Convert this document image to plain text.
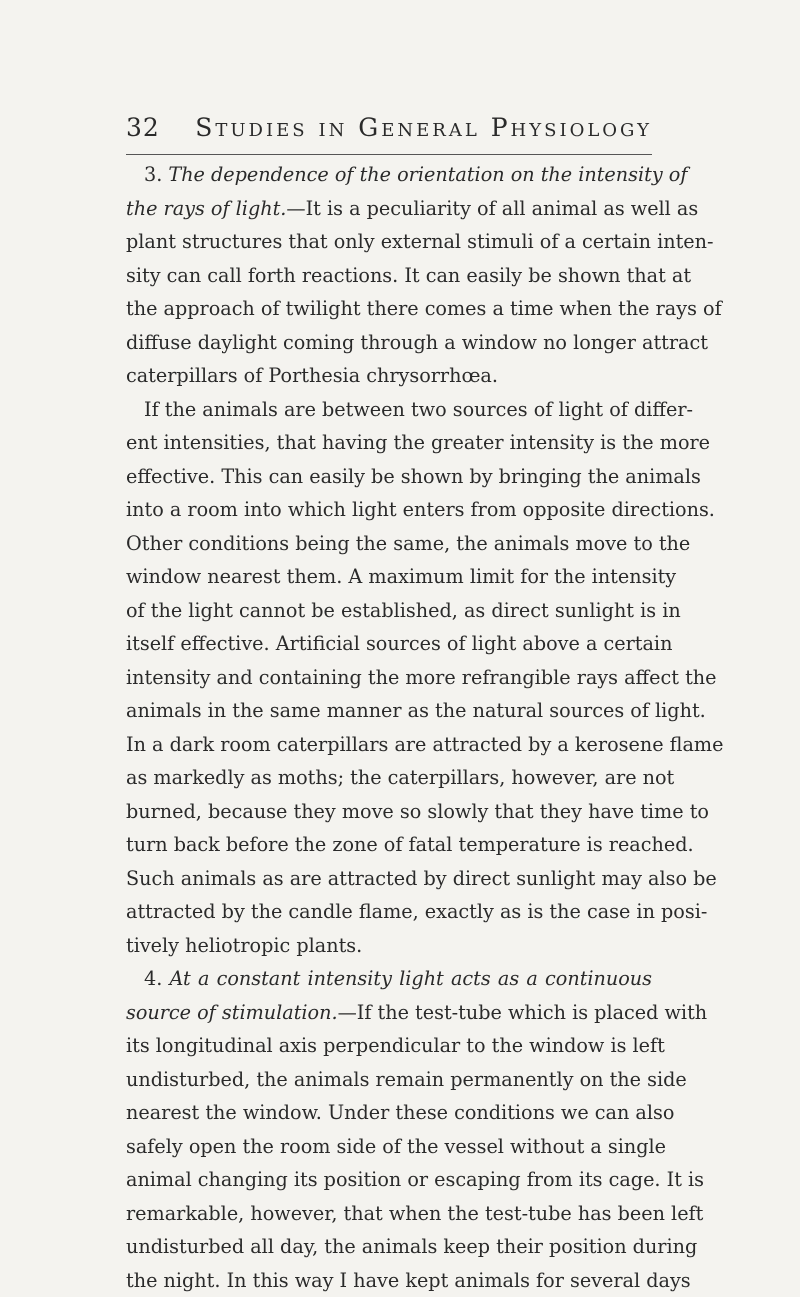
32 Studies in General Physiology
3. The dependence of the orientation on the intensity of
the rays of light.—It is a peculiarity of all animal as well as
plant structures that only external stimuli of a certain inten-
sity can call forth reactions. It can easily be shown that at
the approach of twilight there comes a time when the rays of
diffuse daylight coming through a window no longer attract
caterpillars of Porthesia chrysorrhœa.
If the animals are between two sources of light of differ-
ent intensities, that having the greater intensity is the more
effective. This can easily be shown by bringing the animals
into a room into which light enters from opposite directions.
Other conditions being the same, the animals move to the
window nearest them. A maximum limit for the intensity
of the light cannot be established, as direct sunlight is in
itself effective. Artificial sources of light above a certain
intensity and containing the more refrangible rays affect the
animals in the same manner as the natural sources of light.
In a dark room caterpillars are attracted by a kerosene flame
as markedly as moths; the caterpillars, however, are not
burned, because they move so slowly that they have time to
turn back before the zone of fatal temperature is reached.
Such animals as are attracted by direct sunlight may also be
attracted by the candle flame, exactly as is the case in posi-
tively heliotropic plants.
4. At a constant intensity light acts as a continuous
source of stimulation.—If the test-tube which is placed with
its longitudinal axis perpendicular to the window is left
undisturbed, the animals remain permanently on the side
nearest the window. Under these conditions we can also
safely open the room side of the vessel without a single
animal changing its position or escaping from its cage. It is
remarkable, however, that when the test-tube has been left
undisturbed all day, the animals keep their position during
the night. In this way I have kept animals for several days
